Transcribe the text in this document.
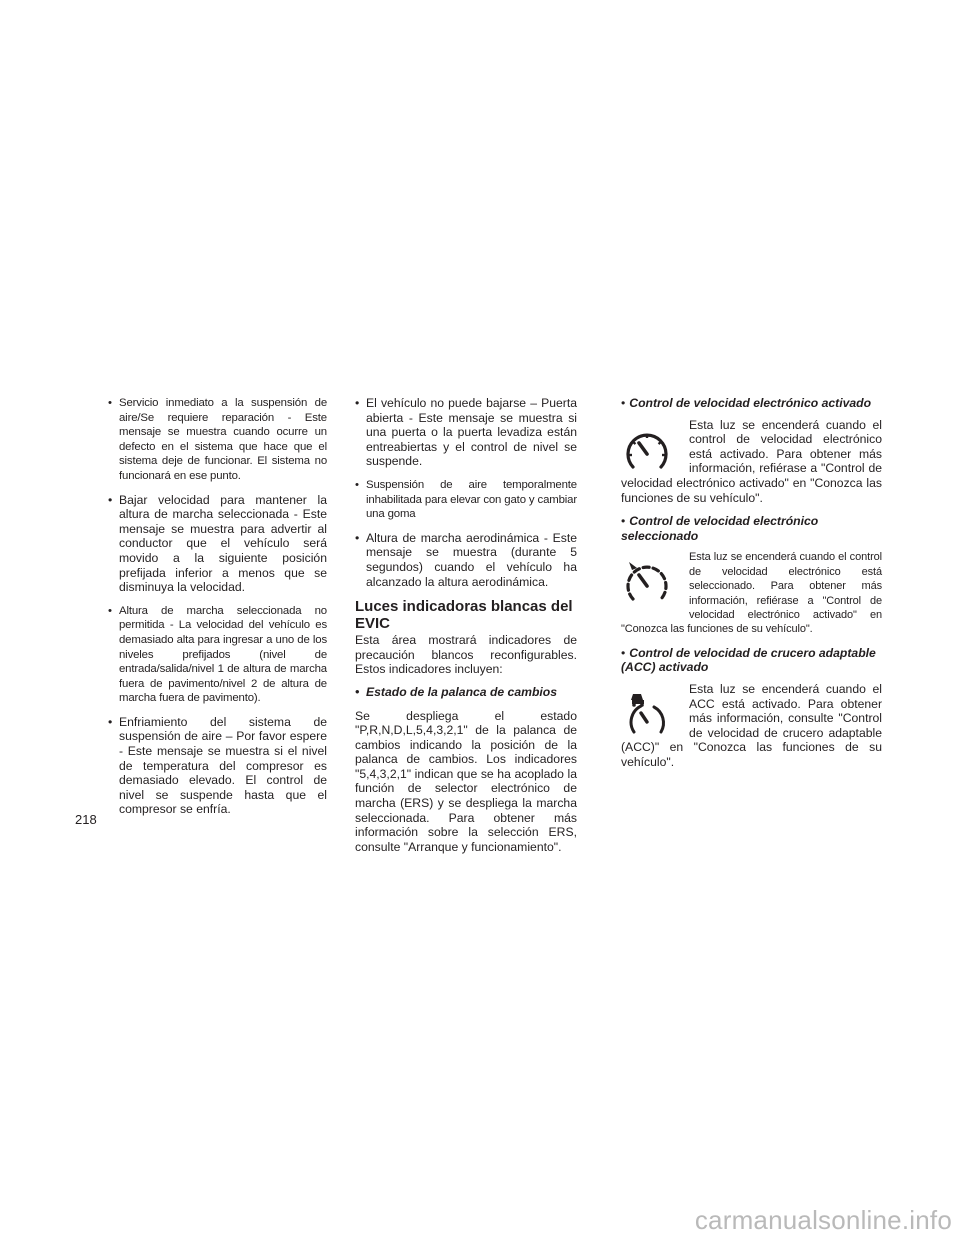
• Servicio inmediato a la suspensión de aire/Se requiere reparación - Este mensaje se muestra cuando ocurre un defecto en el sistema que hace que el sistema deje de funcionar. El sistema no funcionará en ese punto.
• Bajar velocidad para mantener la altura de marcha seleccionada - Este mensaje se muestra para advertir al conductor que el vehículo será movido a la siguiente posición prefijada inferior a menos que se disminuya la velocidad.
• Altura de marcha seleccionada no permitida - La velocidad del vehículo es demasiado alta para ingresar a uno de los niveles prefijados (nivel de entrada/salida/nivel 1 de altura de marcha fuera de pavimento/nivel 2 de altura de marcha fuera de pavimento).
• Enfriamiento del sistema de suspensión de aire – Por favor espere - Este mensaje se muestra si el nivel de temperatura del compresor es demasiado elevado. El control de nivel se suspende hasta que el compresor se enfría.
• El vehículo no puede bajarse – Puerta abierta - Este mensaje se muestra si una puerta o la puerta levadiza están entreabiertas y el control de nivel se suspende.
• Suspensión de aire temporalmente inhabilitada para elevar con gato y cambiar una goma
• Altura de marcha aerodinámica - Este mensaje se muestra (durante 5 segundos) cuando el vehículo ha alcanzado la altura aerodinámica.
Luces indicadoras blancas del EVIC

Esta área mostrará indicadores de precaución blancos reconfigurables. Estos indicadores incluyen:

• Estado de la palanca de cambios

Se despliega el estado "P,R,N,D,L,5,4,3,2,1" de la palanca de cambios indicando la posición de la palanca de cambios. Los indicadores "5,4,3,2,1" indican que se ha acoplado la función de selector electrónico de marcha (ERS) y se despliega la marcha seleccionada. Para obtener más información sobre la selección ERS, consulte "Arranque y funcionamiento".

• Control de velocidad electrónico activado
Esta luz se encenderá cuando el control de velocidad electrónico está activado. Para obtener más información, refiérase a "Control de velocidad electrónico activado" en "Conozca las funciones de su vehículo".
• Control de velocidad electrónico seleccionado
Esta luz se encenderá cuando el control de velocidad electrónico está seleccionado. Para obtener más información, refiérase a "Control de velocidad electrónico activado" en "Conozca las funciones de su vehículo".
• Control de velocidad de crucero adaptable (ACC) activado
Esta luz se encenderá cuando el ACC está activado. Para obtener más información, consulte "Control de velocidad de crucero adaptable (ACC)" en "Conozca las funciones de su vehículo".
218
carmanualsonline.info
